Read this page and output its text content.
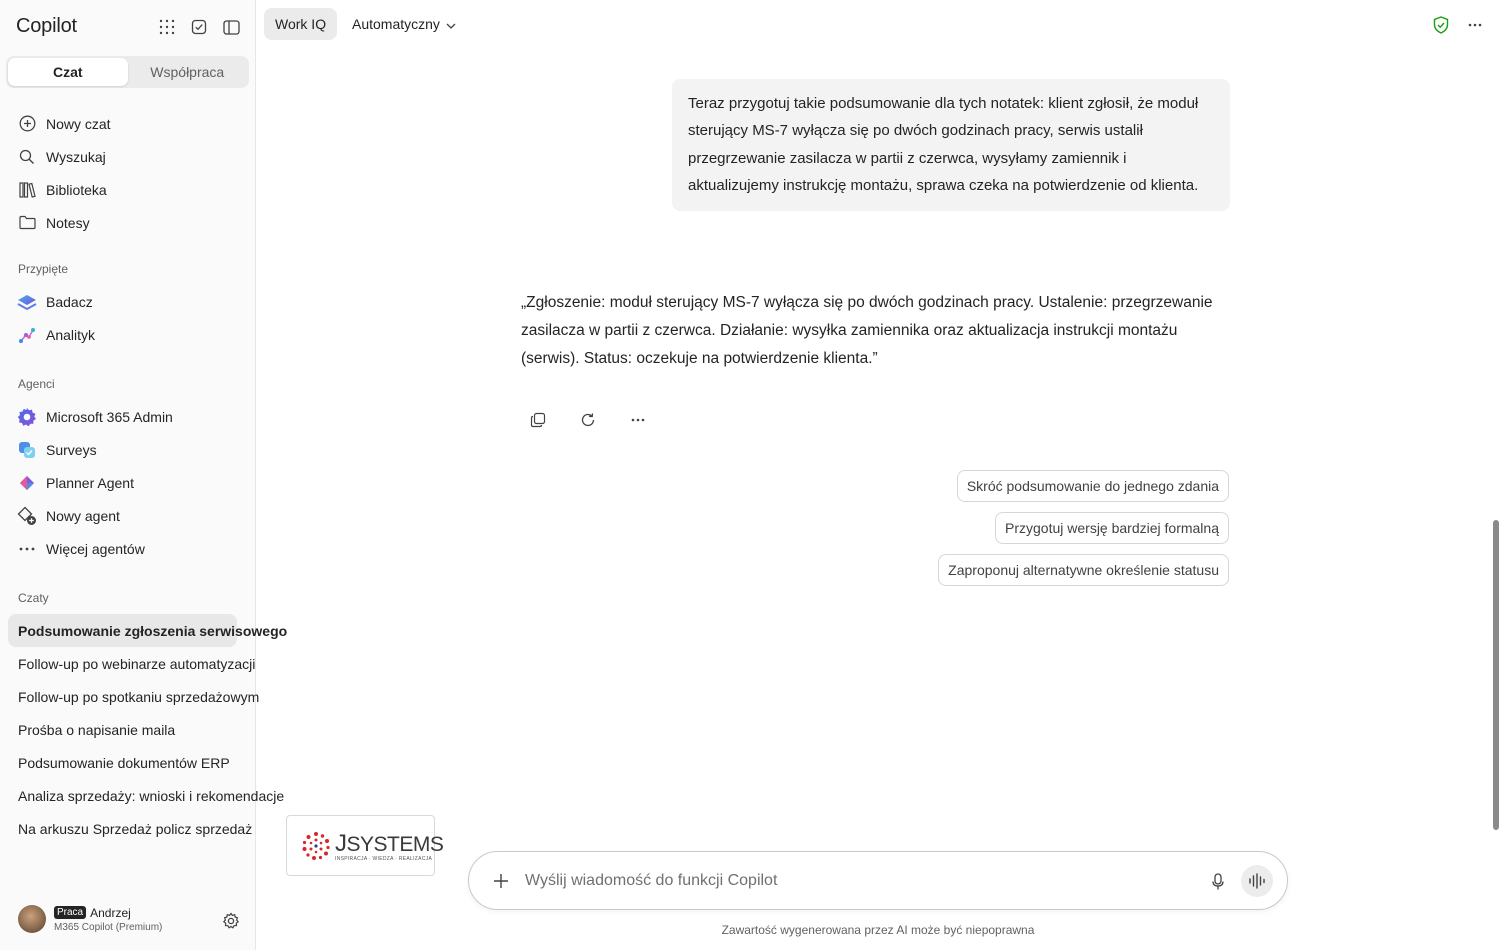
Copilot
Czat	Współpraca
Nowy czat
Wyszukaj
Biblioteka
Notesy
Przypięte
Badacz
Analityk
Agenci
Microsoft 365 Admin
Surveys
Planner Agent
Nowy agent
Więcej agentów
Czaty
Podsumowanie zgłoszenia serwisowego
Follow-up po webinarze automatyzacji
Follow-up po spotkaniu sprzedażowym
Prośba o napisanie maila
Podsumowanie dokumentów ERP
Analiza sprzedaży: wnioski i rekomendacje
Na arkuszu Sprzedaż policz sprzedaż
Praca Andrzej
M365 Copilot (Premium)
Work IQ	Automatyczny
Teraz przygotuj takie podsumowanie dla tych notatek: klient zgłosił, że moduł sterujący MS-7 wyłącza się po dwóch godzinach pracy, serwis ustalił przegrzewanie zasilacza w partii z czerwca, wysyłamy zamiennik i aktualizujemy instrukcję montażu, sprawa czeka na potwierdzenie od klienta.
„Zgłoszenie: moduł sterujący MS-7 wyłącza się po dwóch godzinach pracy. Ustalenie: przegrzewanie zasilacza w partii z czerwca. Działanie: wysyłka zamiennika oraz aktualizacja instrukcji montażu (serwis). Status: oczekuje na potwierdzenie klienta.”
Skróć podsumowanie do jednego zdania
Przygotuj wersję bardziej formalną
Zaproponuj alternatywne określenie statusu
JSYSTEMS
INSPIRACJA · WIEDZA · REALIZACJA
Wyślij wiadomość do funkcji Copilot
Zawartość wygenerowana przez AI może być niepoprawna
